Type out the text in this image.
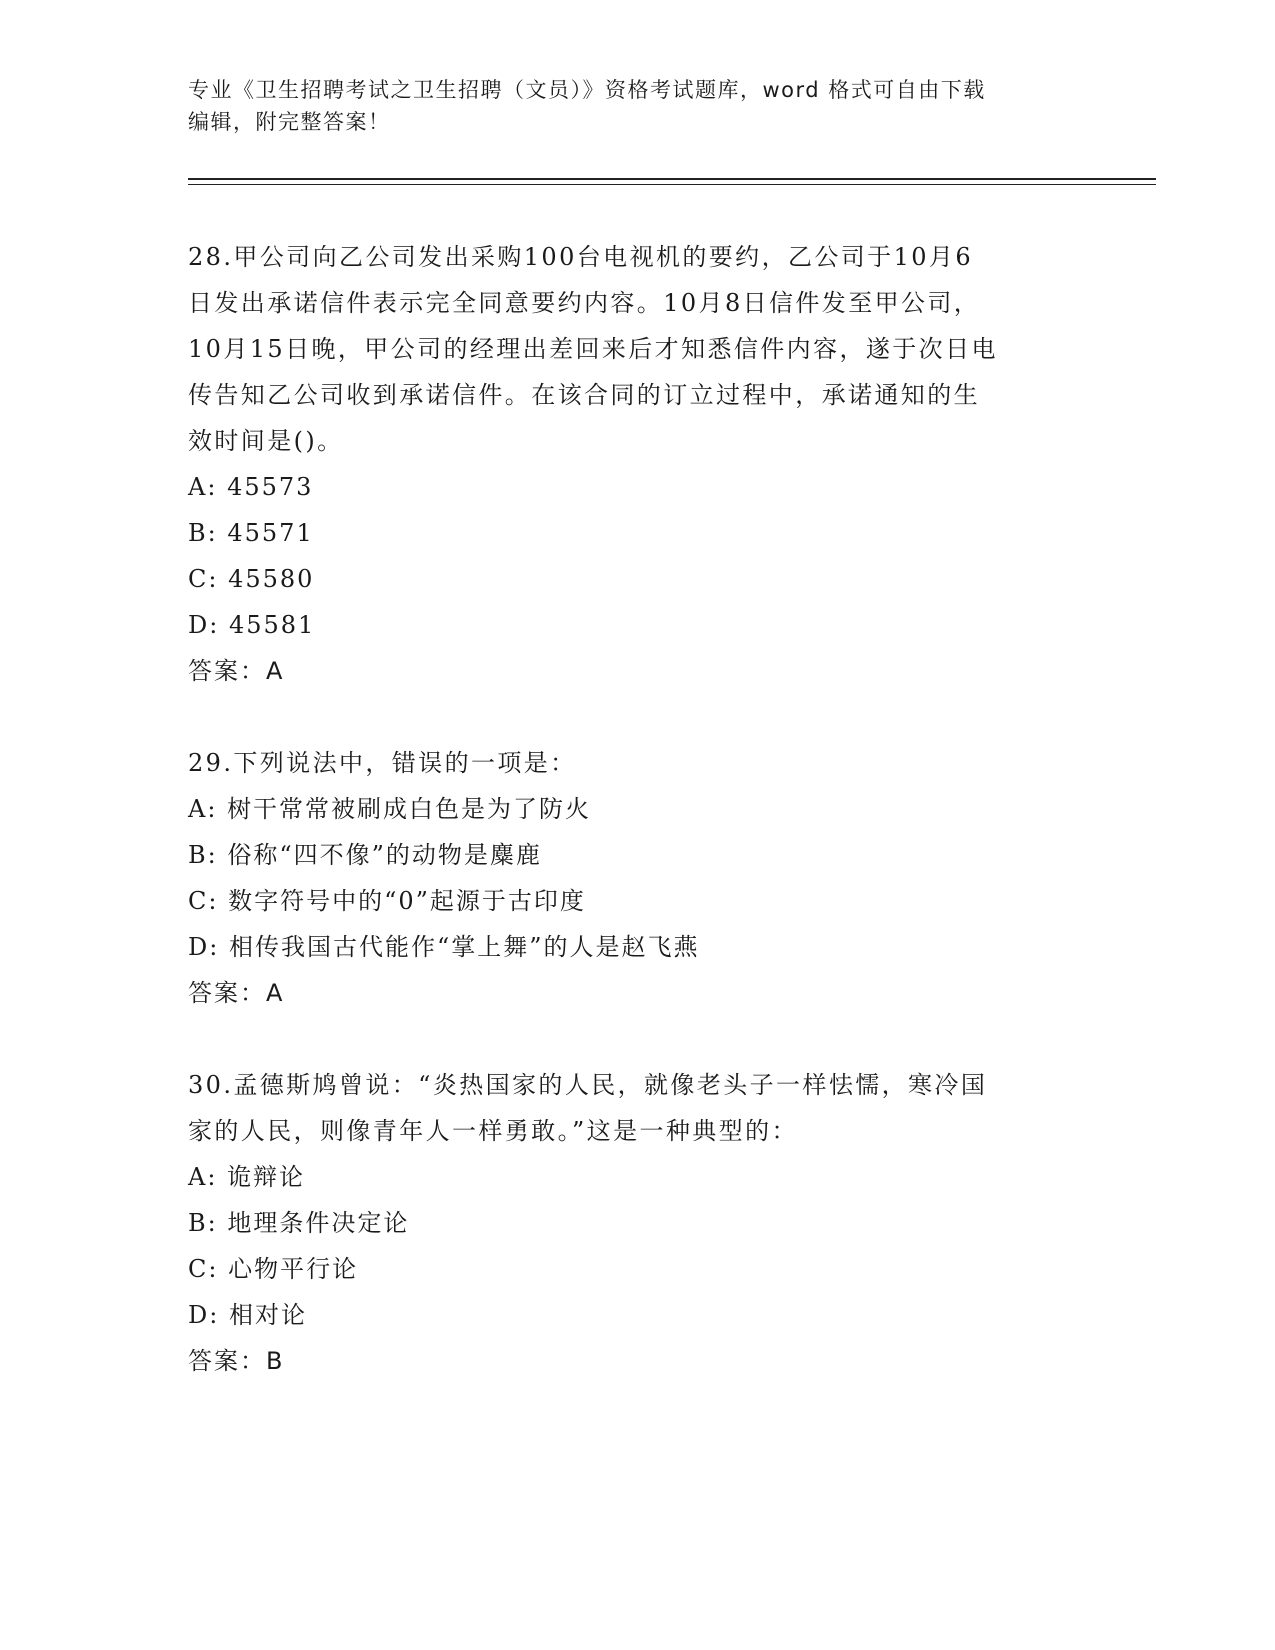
专业《卫生招聘考试之卫生招聘（文员）》资格考试题库，word 格式可自由下载
编辑，附完整答案！
28.甲公司向乙公司发出采购100台电视机的要约，乙公司于10月6
日发出承诺信件表示完全同意要约内容。10月8日信件发至甲公司，
10月15日晚，甲公司的经理出差回来后才知悉信件内容，遂于次日电
传告知乙公司收到承诺信件。在该合同的订立过程中，承诺通知的生
效时间是()。
A: 45573
B: 45571
C: 45580
D: 45581
答案：A
29.下列说法中，错误的一项是：
A: 树干常常被刷成白色是为了防火
B: 俗称“四不像”的动物是麋鹿
C: 数字符号中的“0”起源于古印度
D: 相传我国古代能作“掌上舞”的人是赵飞燕
答案：A
30.孟德斯鸠曾说：“炎热国家的人民，就像老头子一样怯懦，寒冷国
家的人民，则像青年人一样勇敢。”这是一种典型的：
A: 诡辩论
B: 地理条件决定论
C: 心物平行论
D: 相对论
答案：B
